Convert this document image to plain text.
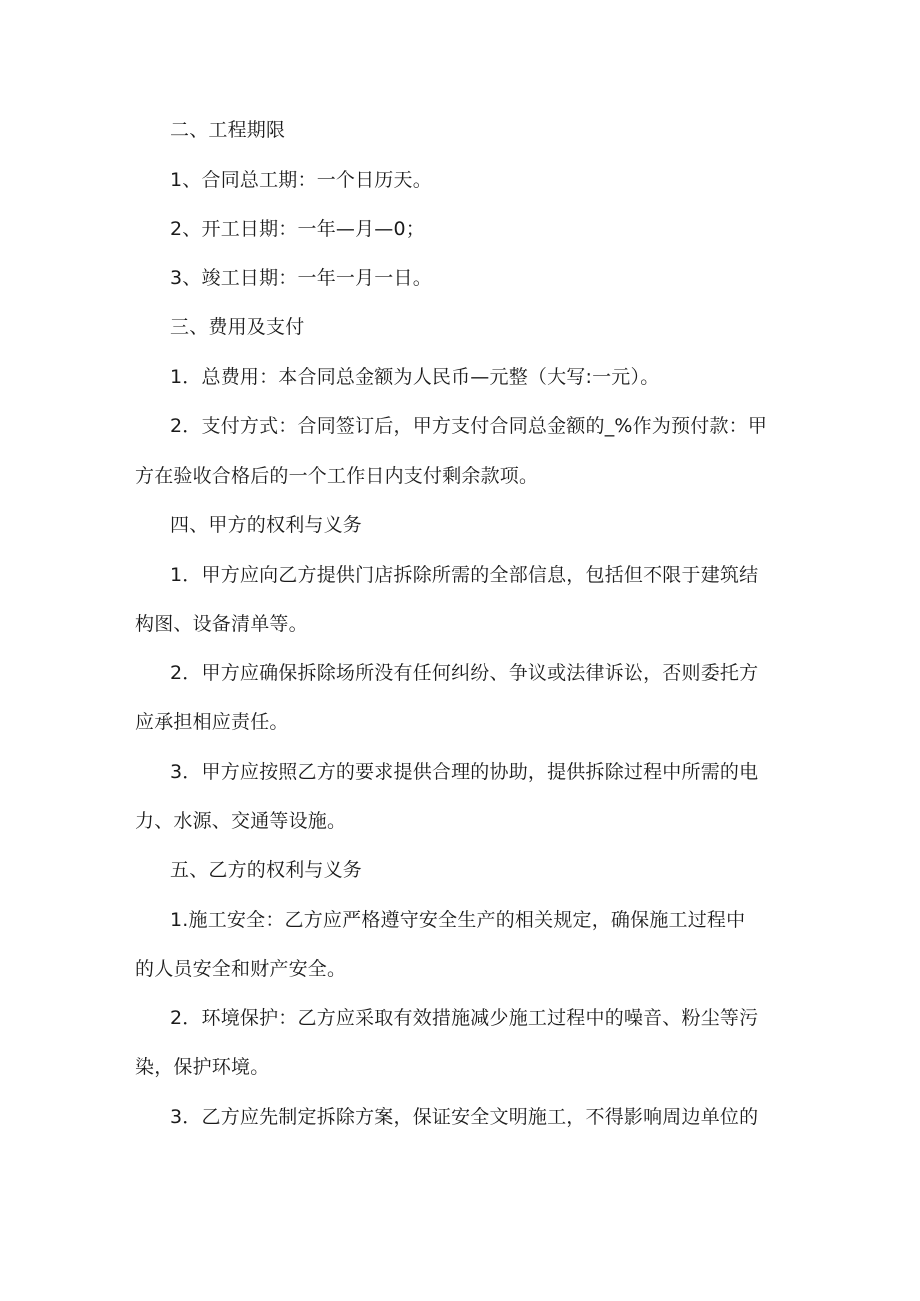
二、工程期限
1、合同总工期：一个日历天。
2、开工日期：一年—月—0；
3、竣工日期：一年一月一日。
三、费用及支付
1．总费用：本合同总金额为人民币—元整（大写:一元）。
2．支付方式：合同签订后，甲方支付合同总金额的_%作为预付款：甲
方在验收合格后的一个工作日内支付剩余款项。
四、甲方的权利与义务
1．甲方应向乙方提供门店拆除所需的全部信息，包括但不限于建筑结
构图、设备清单等。
2．甲方应确保拆除场所没有任何纠纷、争议或法律诉讼，否则委托方
应承担相应责任。
3．甲方应按照乙方的要求提供合理的协助，提供拆除过程中所需的电
力、水源、交通等设施。
五、乙方的权利与义务
1.施工安全：乙方应严格遵守安全生产的相关规定，确保施工过程中
的人员安全和财产安全。
2．环境保护：乙方应采取有效措施减少施工过程中的噪音、粉尘等污
染，保护环境。
3．乙方应先制定拆除方案，保证安全文明施工，不得影响周边单位的
